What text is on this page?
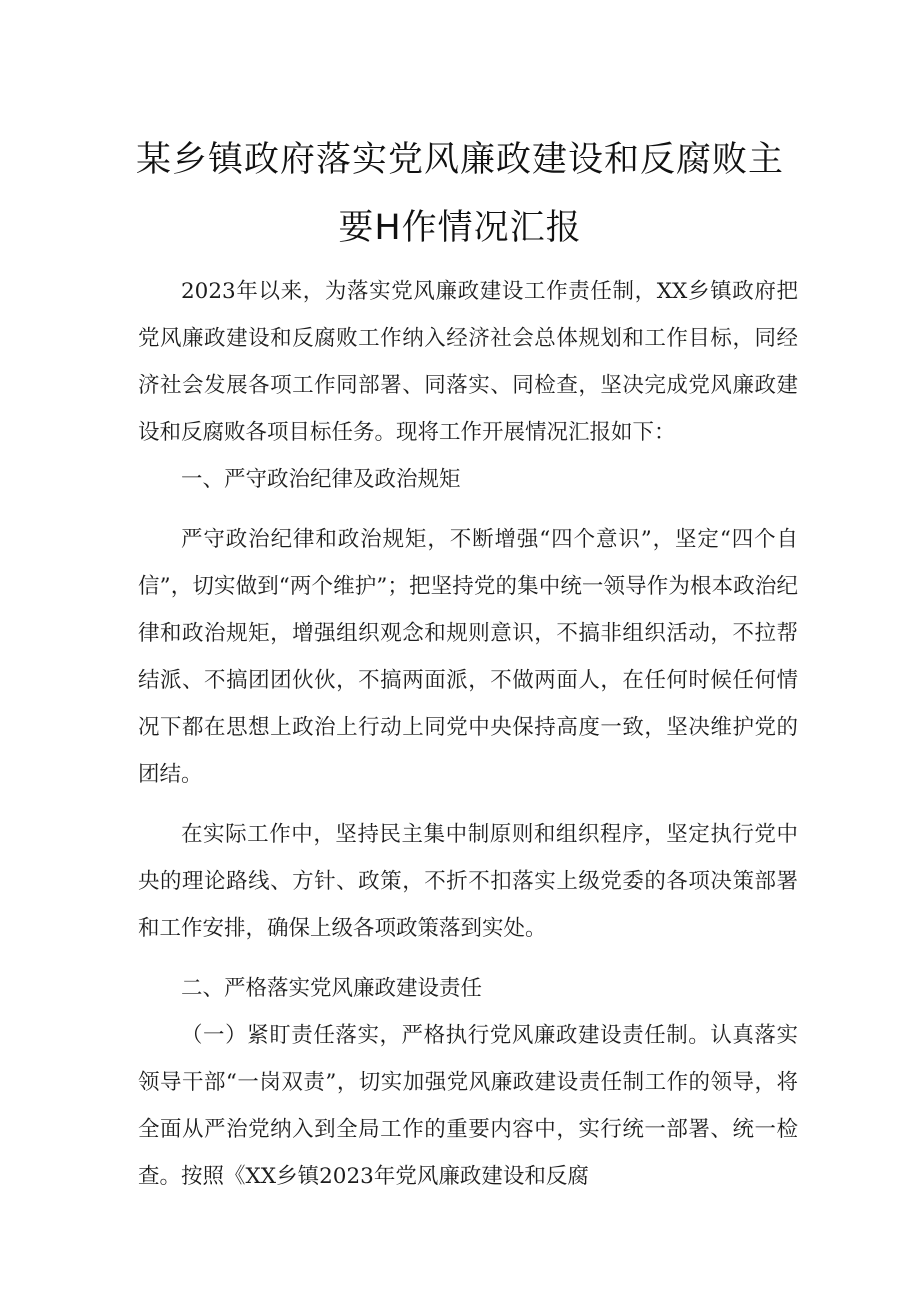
某乡镇政府落实党风廉政建设和反腐败主
要H作情况汇报

2023年以来，为落实党风廉政建设工作责任制，XX乡镇政府把党风廉政建设和反腐败工作纳入经济社会总体规划和工作目标，同经济社会发展各项工作同部署、同落实、同检查，坚决完成党风廉政建设和反腐败各项目标任务。现将工作开展情况汇报如下：

一、严守政治纪律及政治规矩

严守政治纪律和政治规矩，不断增强“四个意识”，坚定“四个自信”，切实做到“两个维护”；把坚持党的集中统一领导作为根本政治纪律和政治规矩，增强组织观念和规则意识，不搞非组织活动，不拉帮结派、不搞团团伙伙，不搞两面派，不做两面人，在任何时候任何情况下都在思想上政治上行动上同党中央保持高度一致，坚决维护党的团结。

在实际工作中，坚持民主集中制原则和组织程序，坚定执行党中央的理论路线、方针、政策，不折不扣落实上级党委的各项决策部署和工作安排，确保上级各项政策落到实处。

二、严格落实党风廉政建设责任

（一）紧盯责任落实，严格执行党风廉政建设责任制。认真落实领导干部“一岗双责”，切实加强党风廉政建设责任制工作的领导，将全面从严治党纳入到全局工作的重要内容中，实行统一部署、统一检查。按照《XX乡镇2023年党风廉政建设和反腐
